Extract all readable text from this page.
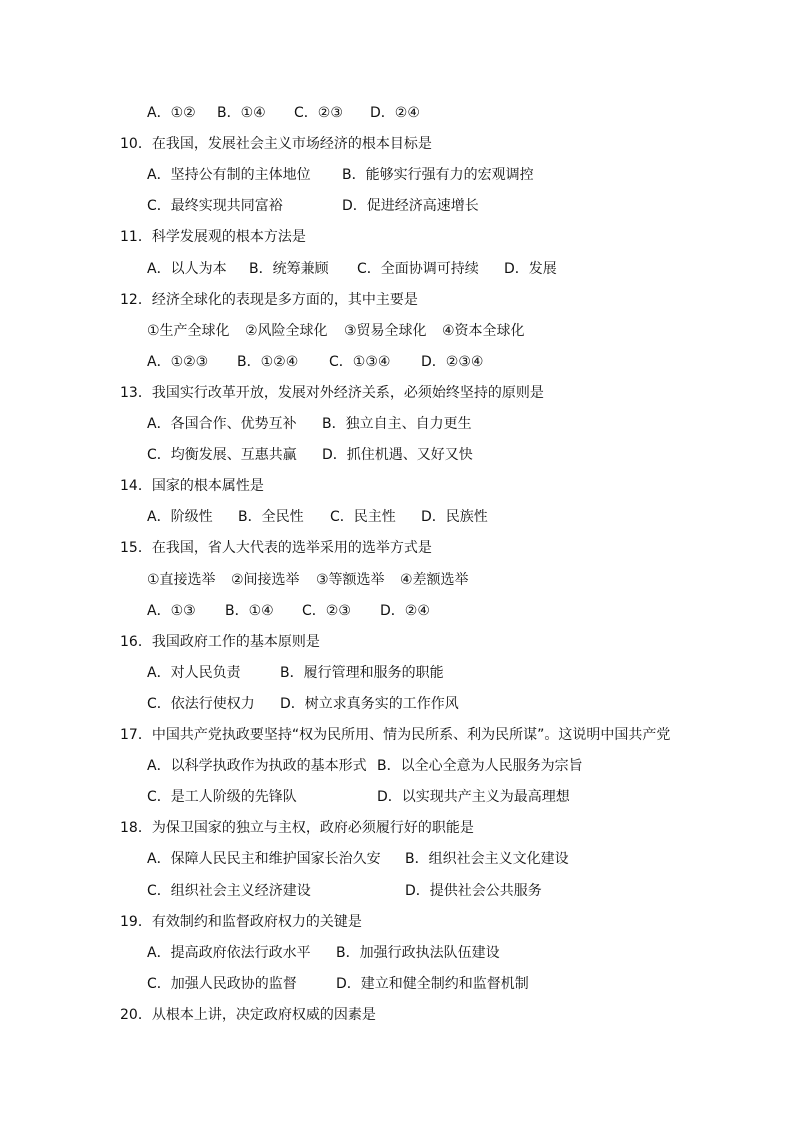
A．①② B．①④ C．②③ D．②④
10．在我国，发展社会主义市场经济的根本目标是
A．坚持公有制的主体地位 B．能够实行强有力的宏观调控
C．最终实现共同富裕	D．促进经济高速增长
11．科学发展观的根本方法是
A．以人为本 B．统筹兼顾 C．全面协调可持续 D．发展
12．经济全球化的表现是多方面的，其中主要是
①生产全球化 ②风险全球化 ③贸易全球化 ④资本全球化
A．①②③ B．①②④ C．①③④ D．②③④
13．我国实行改革开放，发展对外经济关系，必须始终坚持的原则是
A．各国合作、优势互补 B．独立自主、自力更生
C．均衡发展、互惠共赢 D．抓住机遇、又好又快
14．国家的根本属性是
A．阶级性 B．全民性 C．民主性 D．民族性
15．在我国，省人大代表的选举采用的选举方式是
①直接选举 ②间接选举 ③等额选举 ④差额选举
A．①③ B．①④ C．②③ D．②④
16．我国政府工作的基本原则是
A．对人民负责	B．履行管理和服务的职能
C．依法行使权力 D．树立求真务实的工作作风
17．中国共产党执政要坚持“权为民所用、情为民所系、利为民所谋”。这说明中国共产党
A．以科学执政作为执政的基本形式 B．以全心全意为人民服务为宗旨
C．是工人阶级的先锋队	D．以实现共产主义为最高理想
18．为保卫国家的独立与主权，政府必须履行好的职能是
A．保障人民民主和维护国家长治久安 B．组织社会主义文化建设
C．组织社会主义经济建设	D．提供社会公共服务
19．有效制约和监督政府权力的关键是
A．提高政府依法行政水平 B．加强行政执法队伍建设
C．加强人民政协的监督	D．建立和健全制约和监督机制
20．从根本上讲，决定政府权威的因素是
